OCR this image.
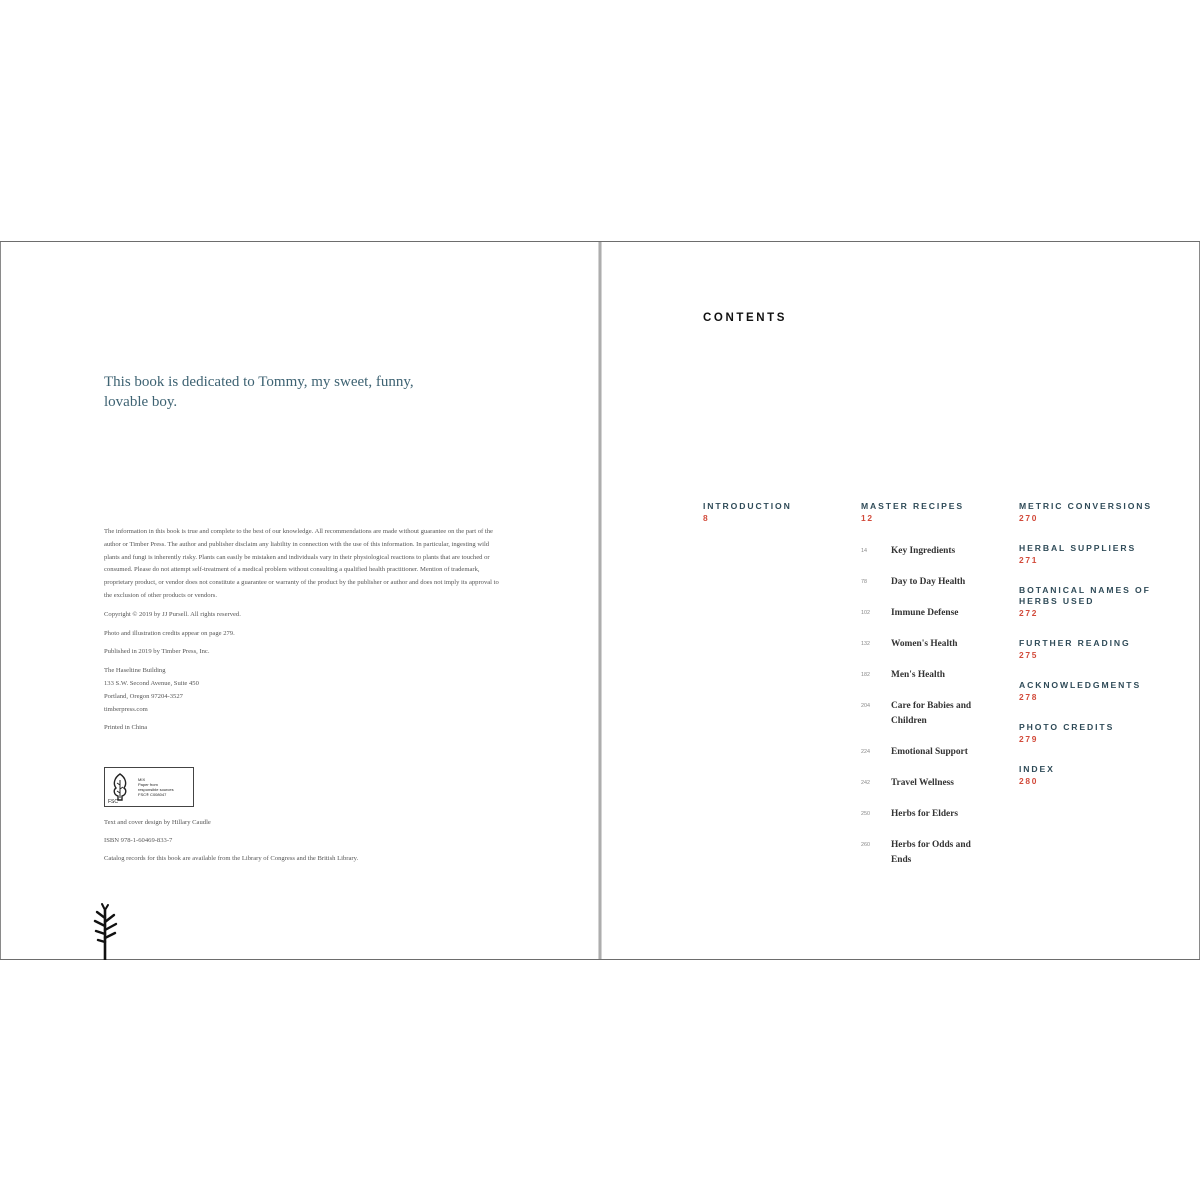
This book is dedicated to Tommy, my sweet, funny, lovable boy.

The information in this book is true and complete to the best of our knowledge. All recommendations are made without guarantee on the part of the author or Timber Press. The author and publisher disclaim any liability in connection with the use of this information. In particular, ingesting wild plants and fungi is inherently risky. Plants can easily be mistaken and individuals vary in their physiological reactions to plants that are touched or consumed. Please do not attempt self-treatment of a medical problem without consulting a qualified health practitioner. Mention of trademark, proprietary product, or vendor does not constitute a guarantee or warranty of the product by the publisher or author and does not imply its approval to the exclusion of other products or vendors.

Copyright © 2019 by JJ Pursell. All rights reserved.

Photo and illustration credits appear on page 279.

Published in 2019 by Timber Press, Inc.

The Haseltine Building
133 S.W. Second Avenue, Suite 450
Portland, Oregon 97204-3527
timberpress.com

Printed in China

MIX
Paper from
responsible sources
FSC® C008047
FSC

Text and cover design by Hillary Caudle

ISBN 978-1-60469-833-7

Catalog records for this book are available from the Library of Congress and the British Library.

CONTENTS
INTRODUCTION
8
MASTER RECIPES
12
14	Key Ingredients
78	Day to Day Health
102	Immune Defense
132	Women's Health
182	Men's Health
204	Care for Babies and Children
224	Emotional Support
242	Travel Wellness
250	Herbs for Elders
260	Herbs for Odds and Ends
METRIC CONVERSIONS
270
HERBAL SUPPLIERS
271
BOTANICAL NAMES OF HERBS USED
272
FURTHER READING
275
ACKNOWLEDGMENTS
278
PHOTO CREDITS
279
INDEX
280
